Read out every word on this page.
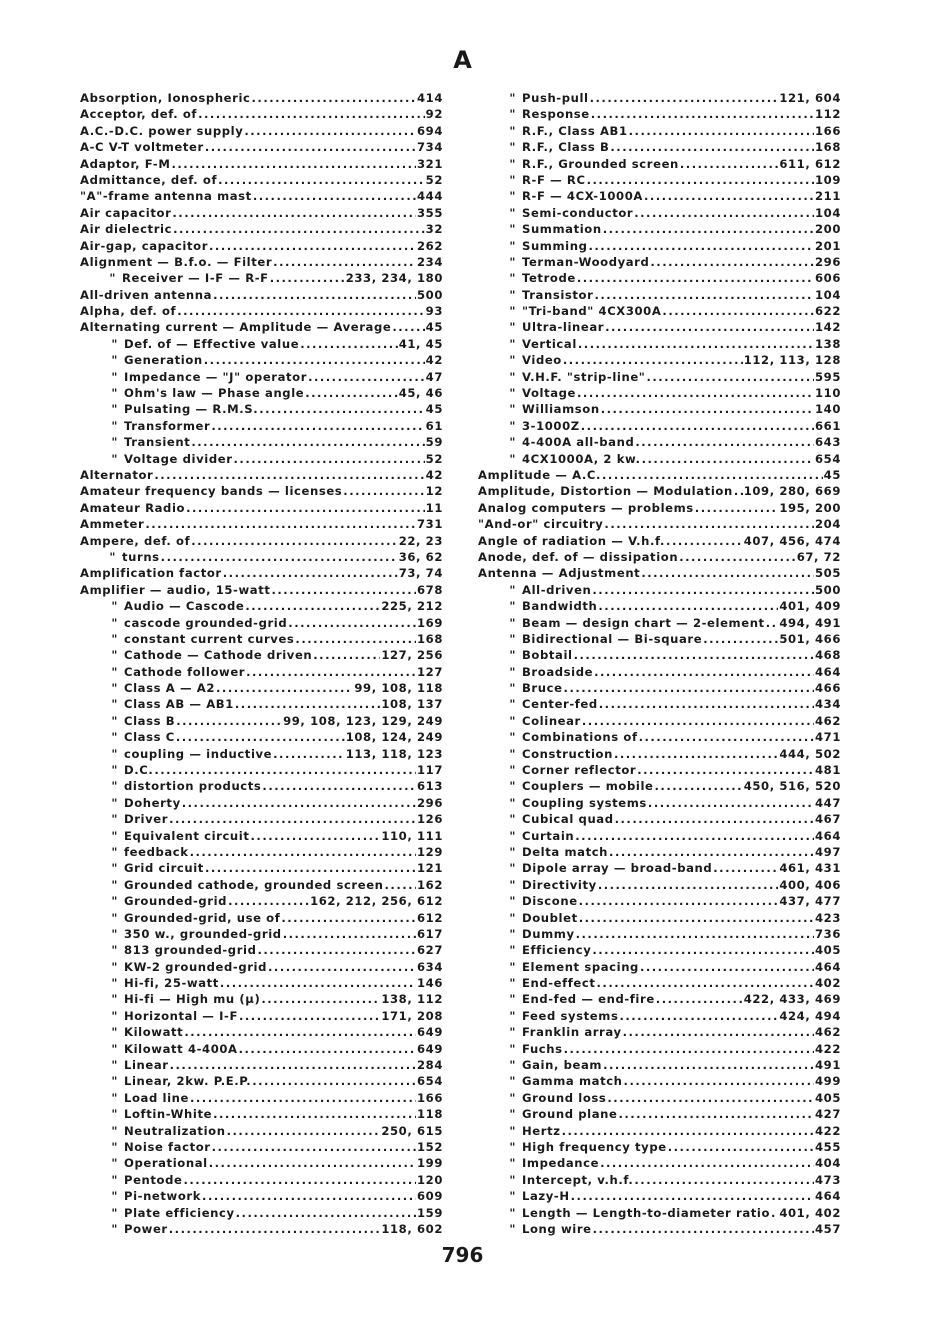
A
Absorption, Ionospheric .....	414
Acceptor, def. of .....	92
A.C.-D.C. power supply .....	694
A-C V-T voltmeter .....	734
Adaptor, F-M .....	321
Admittance, def. of .....	52
"A"-frame antenna mast .....	444
Air capacitor .....	355
Air dielectric .....	32
Air-gap, capacitor .....	262
Alignment — B.f.o. — Filter .....	234
" Receiver — I-F — R-F .....	233, 234, 180
All-driven antenna .....	500
Alpha, def. of .....	93
Alternating current — Amplitude — Average .....	45
" Def. of — Effective value .....	41, 45
" Generation .....	42
" Impedance — "J" operator .....	47
" Ohm's law — Phase angle .....	45, 46
" Pulsating — R.M.S. .....	45
" Transformer .....	61
" Transient .....	59
" Voltage divider .....	52
Alternator .....	42
Amateur frequency bands — licenses .....	12
Amateur Radio .....	11
Ammeter .....	731
Ampere, def. of .....	22, 23
" turns .....	36, 62
Amplification factor .....	73, 74
Amplifier — audio, 15-watt .....	678
" Audio — Cascode .....	225, 212
" cascode grounded-grid .....	169
" constant current curves .....	168
" Cathode — Cathode driven .....	127, 256
" Cathode follower .....	127
" Class A — A2 .....	99, 108, 118
" Class AB — AB1 .....	108, 137
" Class B .....	99, 108, 123, 129, 249
" Class C .....	108, 124, 249
" coupling — inductive .....	113, 118, 123
" D.C. .....	117
" distortion products .....	613
" Doherty .....	296
" Driver .....	126
" Equivalent circuit .....	110, 111
" feedback .....	129
" Grid circuit .....	121
" Grounded cathode, grounded screen .....	162
" Grounded-grid .....	162, 212, 256, 612
" Grounded-grid, use of .....	612
" 350 w., grounded-grid .....	617
" 813 grounded-grid .....	627
" KW-2 grounded-grid .....	634
" Hi-fi, 25-watt .....	146
" Hi-fi — High mu (μ) .....	138, 112
" Horizontal — I-F .....	171, 208
" Kilowatt .....	649
" Kilowatt 4-400A .....	649
" Linear .....	284
" Linear, 2kw. P.E.P. .....	654
" Load line .....	166
" Loftin-White .....	118
" Neutralization .....	250, 615
" Noise factor .....	152
" Operational .....	199
" Pentode .....	120
" Pi-network .....	609
" Plate efficiency .....	159
" Power .....	118, 602
" Push-pull .....	121, 604
" Response .....	112
" R.F., Class AB1 .....	166
" R.F., Class B .....	168
" R.F., Grounded screen .....	611, 612
" R-F — RC .....	109
" R-F — 4CX-1000A .....	211
" Semi-conductor .....	104
" Summation .....	200
" Summing .....	201
" Terman-Woodyard .....	296
" Tetrode .....	606
" Transistor .....	104
" "Tri-band" 4CX300A .....	622
" Ultra-linear .....	142
" Vertical .....	138
" Video .....	112, 113, 128
" V.H.F. "strip-line" .....	595
" Voltage .....	110
" Williamson .....	140
" 3-1000Z .....	661
" 4-400A all-band .....	643
" 4CX1000A, 2 kw. .....	654
Amplitude — A.C. .....	45
Amplitude, Distortion — Modulation ..... 109, 280, 669
Analog computers — problems .....	195, 200
"And-or" circuitry .....	204
Angle of radiation — V.h.f. .....	407, 456, 474
Anode, def. of — dissipation .....	67, 72
Antenna — Adjustment .....	505
" All-driven .....	500
" Bandwidth .....	401, 409
" Beam — design chart — 2-element ..... 494, 491
" Bidirectional — Bi-square .....	501, 466
" Bobtail .....	468
" Broadside .....	464
" Bruce .....	466
" Center-fed .....	434
" Colinear .....	462
" Combinations of .....	471
" Construction .....	444, 502
" Corner reflector .....	481
" Couplers — mobile .....	450, 516, 520
" Coupling systems .....	447
" Cubical quad .....	467
" Curtain .....	464
" Delta match .....	497
" Dipole array — broad-band .....	461, 431
" Directivity .....	400, 406
" Discone .....	437, 477
" Doublet .....	423
" Dummy .....	736
" Efficiency .....	405
" Element spacing .....	464
" End-effect .....	402
" End-fed — end-fire .....	422, 433, 469
" Feed systems .....	424, 494
" Franklin array .....	462
" Fuchs .....	422
" Gain, beam .....	491
" Gamma match .....	499
" Ground loss .....	405
" Ground plane .....	427
" Hertz .....	422
" High frequency type .....	455
" Impedance .....	404
" Intercept, v.h.f. .....	473
" Lazy-H .....	464
" Length — Length-to-diameter ratio ..... 401, 402
" Long wire .....	457
796
